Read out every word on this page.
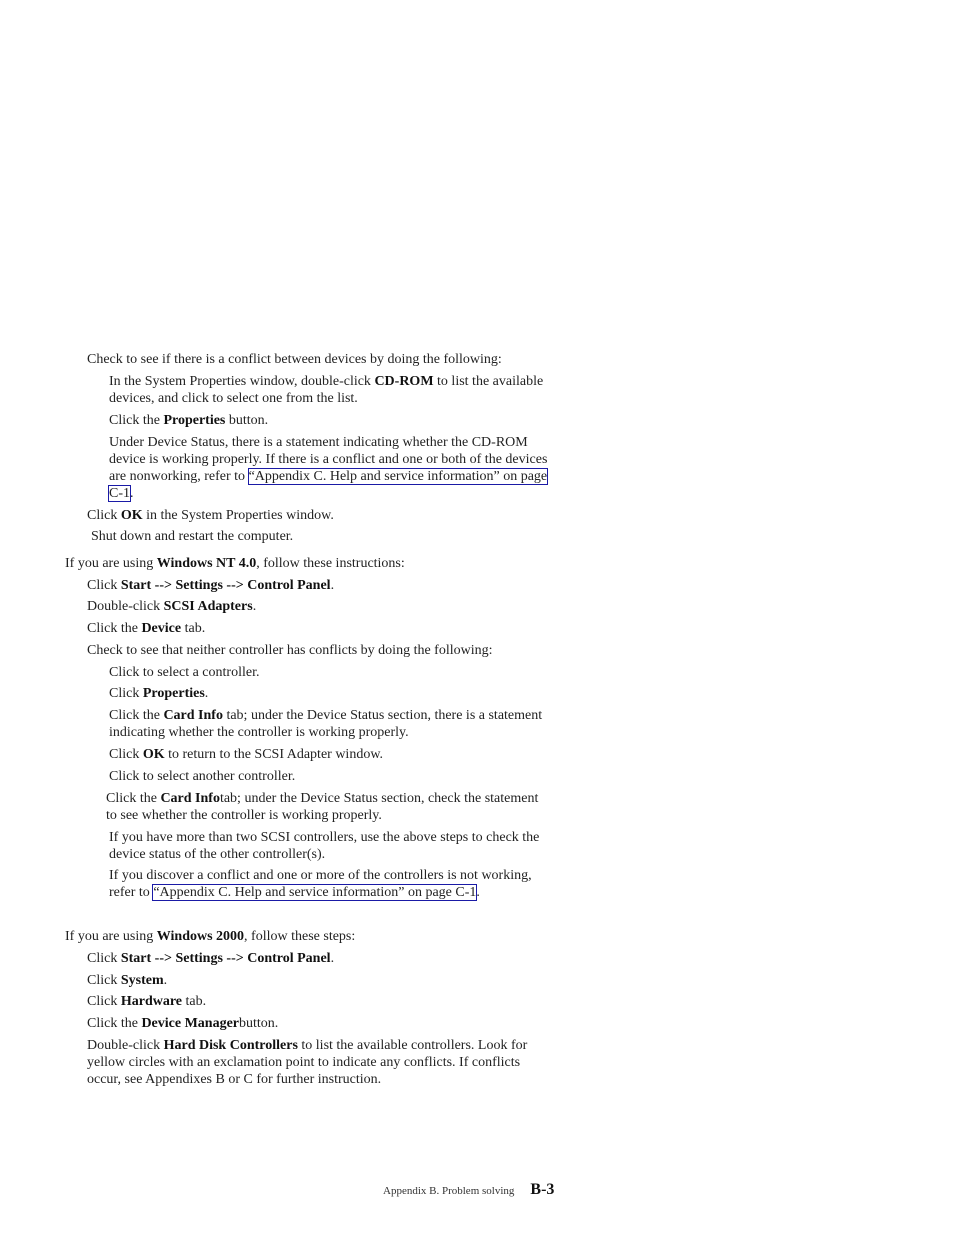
Check to see if there is a conflict between devices by doing the following:

In the System Properties window, double-click CD-ROM to list the available devices, and click to select one from the list.

Click the Properties button.

Under Device Status, there is a statement indicating whether the CD-ROM device is working properly. If there is a conflict and one or both of the devices are nonworking, refer to “Appendix C. Help and service information” on page C-1.

Click OK in the System Properties window.

Shut down and restart the computer.

If you are using Windows NT 4.0, follow these instructions:

Click Start --> Settings --> Control Panel.

Double-click SCSI Adapters.

Click the Device tab.

Check to see that neither controller has conflicts by doing the following:

Click to select a controller.

Click Properties.

Click the Card Info tab; under the Device Status section, there is a statement indicating whether the controller is working properly.

Click OK to return to the SCSI Adapter window.

Click to select another controller.

Click the Card Infotab; under the Device Status section, check the statement to see whether the controller is working properly.

If you have more than two SCSI controllers, use the above steps to check the device status of the other controller(s).

If you discover a conflict and one or more of the controllers is not working, refer to “Appendix C. Help and service information” on page C-1.

If you are using Windows 2000, follow these steps:

Click Start --> Settings --> Control Panel.

Click System.

Click Hardware tab.

Click the Device Managerbutton.

Double-click Hard Disk Controllers to list the available controllers. Look for yellow circles with an exclamation point to indicate any conflicts. If conflicts occur, see Appendixes B or C for further instruction.

Appendix B. Problem solving B-3
